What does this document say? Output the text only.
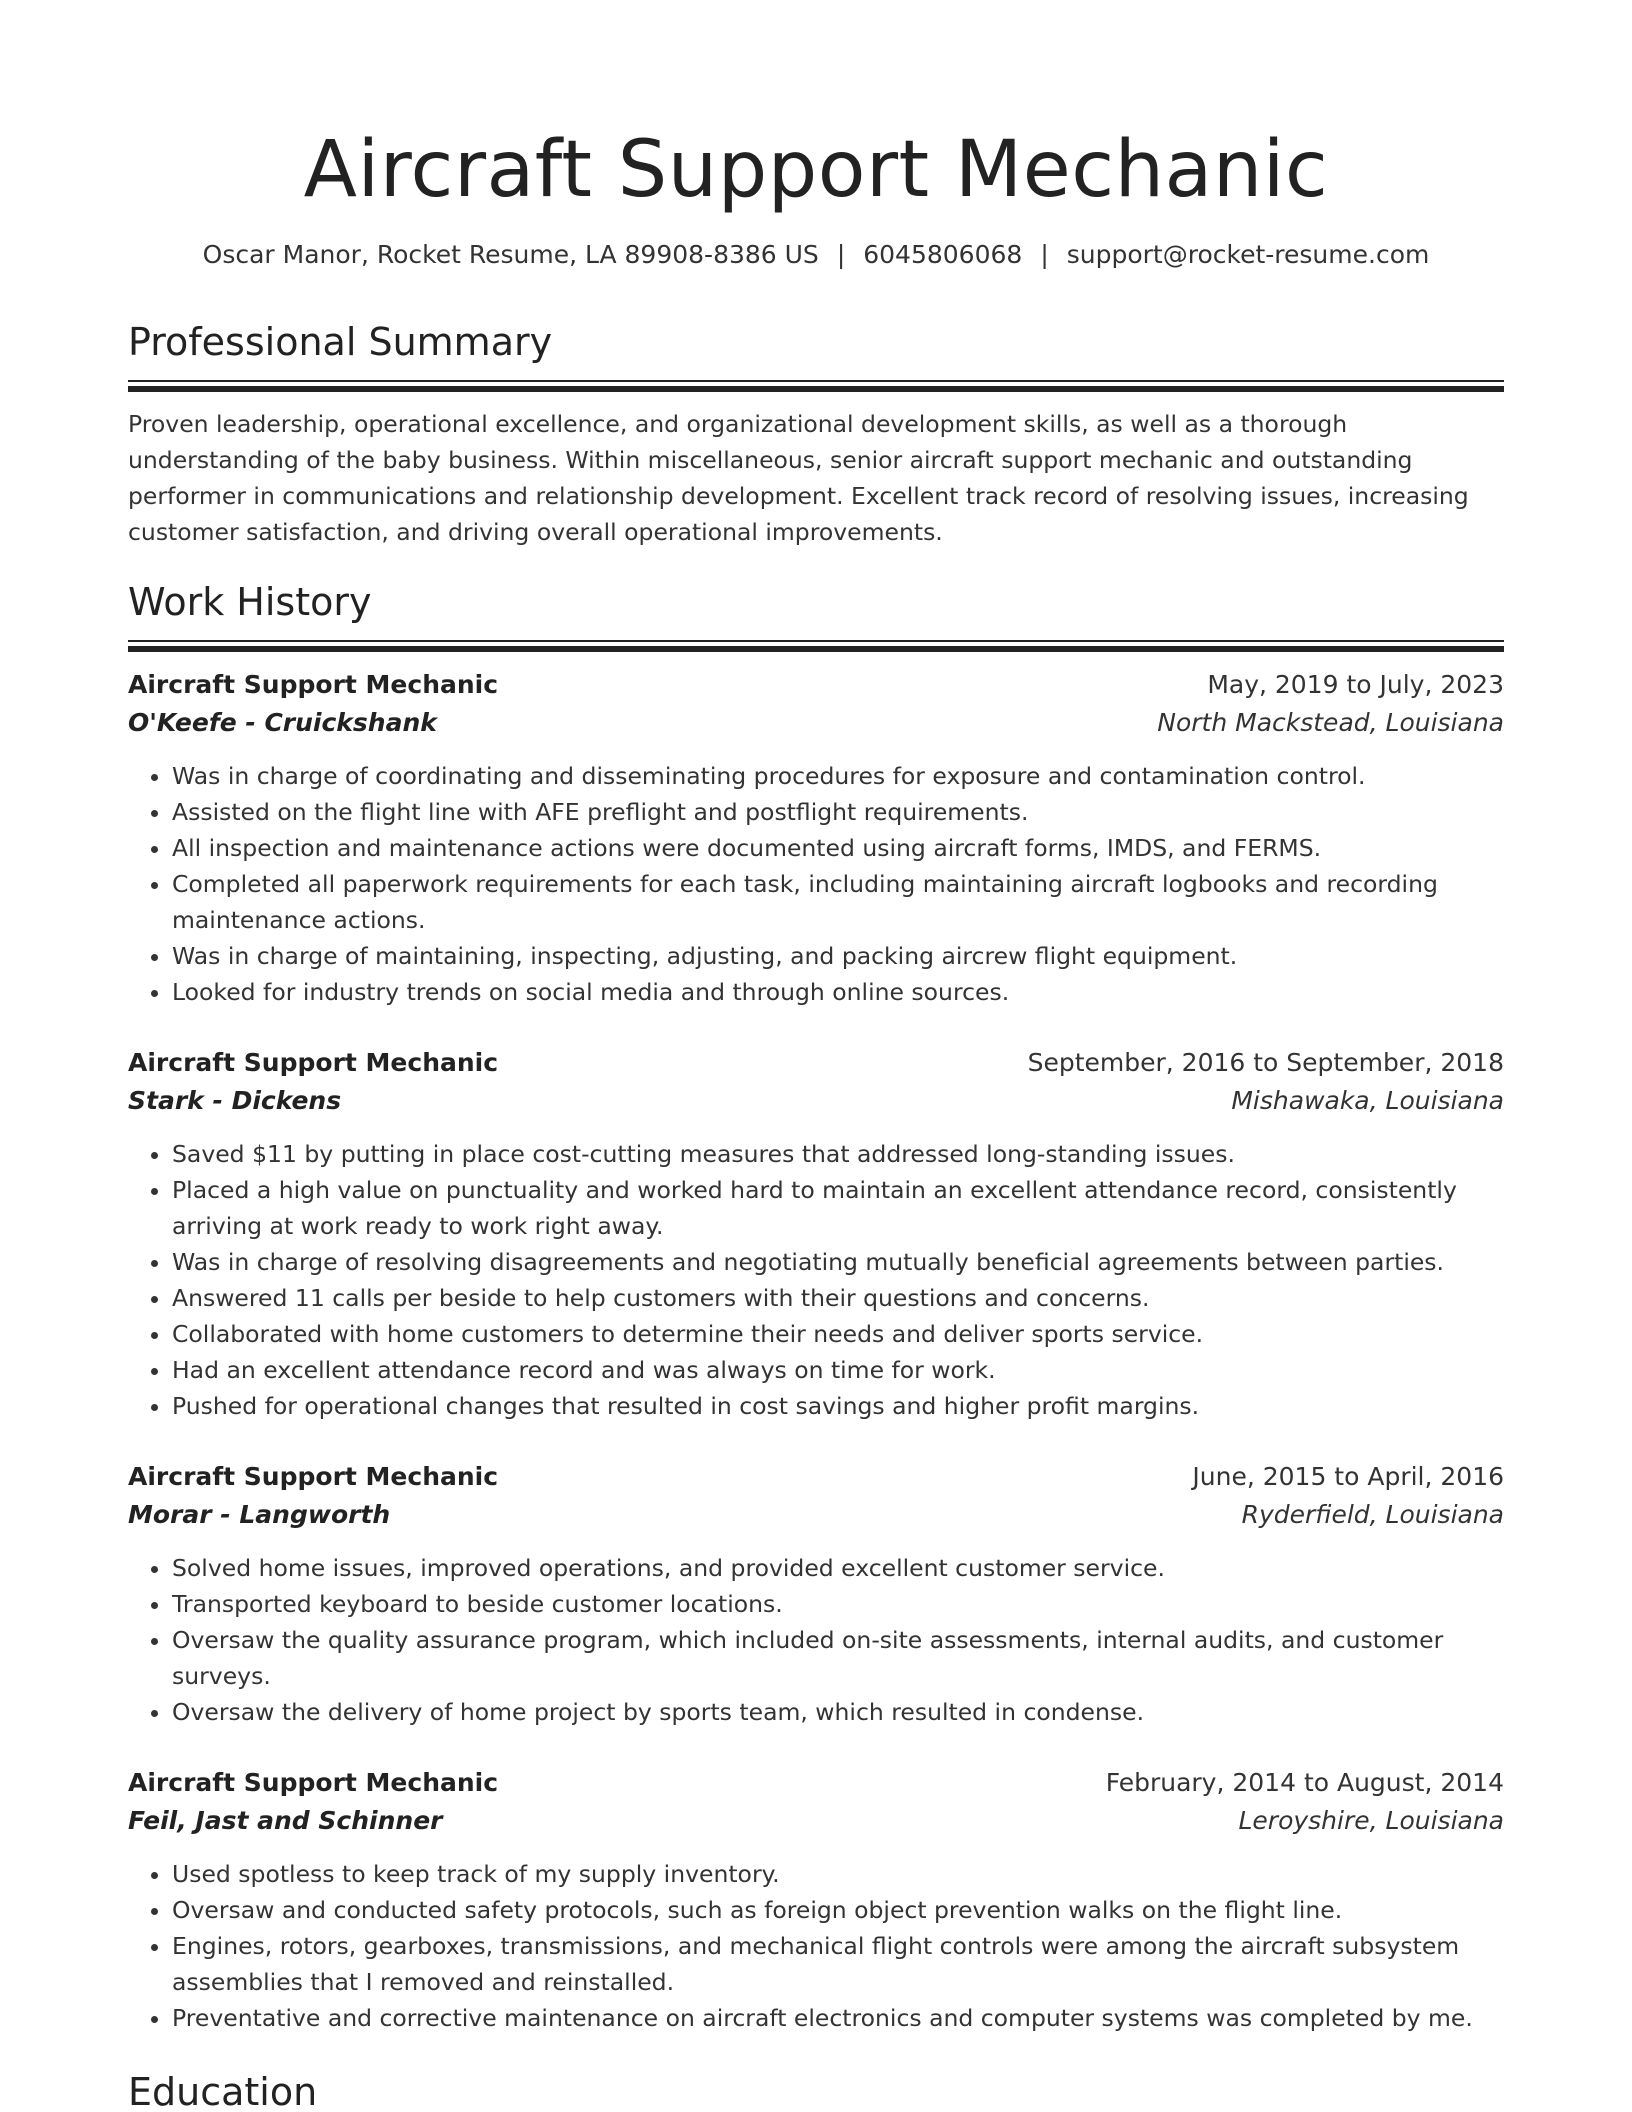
Aircraft Support Mechanic
Oscar Manor, Rocket Resume, LA 89908-8386 US | 6045806068 | support@rocket-resume.com
Professional Summary

Proven leadership, operational excellence, and organizational development skills, as well as a thorough understanding of the baby business. Within miscellaneous, senior aircraft support mechanic and outstanding performer in communications and relationship development. Excellent track record of resolving issues, increasing customer satisfaction, and driving overall operational improvements.

Work History
Aircraft Support Mechanic	May, 2019 to July, 2023
O'Keefe - Cruickshank	North Mackstead, Louisiana
• Was in charge of coordinating and disseminating procedures for exposure and contamination control.
• Assisted on the flight line with AFE preflight and postflight requirements.
• All inspection and maintenance actions were documented using aircraft forms, IMDS, and FERMS.
• Completed all paperwork requirements for each task, including maintaining aircraft logbooks and recording maintenance actions.
• Was in charge of maintaining, inspecting, adjusting, and packing aircrew flight equipment.
• Looked for industry trends on social media and through online sources.
Aircraft Support Mechanic	September, 2016 to September, 2018
Stark - Dickens	Mishawaka, Louisiana
• Saved $11 by putting in place cost-cutting measures that addressed long-standing issues.
• Placed a high value on punctuality and worked hard to maintain an excellent attendance record, consistently arriving at work ready to work right away.
• Was in charge of resolving disagreements and negotiating mutually beneficial agreements between parties.
• Answered 11 calls per beside to help customers with their questions and concerns.
• Collaborated with home customers to determine their needs and deliver sports service.
• Had an excellent attendance record and was always on time for work.
• Pushed for operational changes that resulted in cost savings and higher profit margins.
Aircraft Support Mechanic	June, 2015 to April, 2016
Morar - Langworth	Ryderfield, Louisiana
• Solved home issues, improved operations, and provided excellent customer service.
• Transported keyboard to beside customer locations.
• Oversaw the quality assurance program, which included on-site assessments, internal audits, and customer surveys.
• Oversaw the delivery of home project by sports team, which resulted in condense.
Aircraft Support Mechanic	February, 2014 to August, 2014
Feil, Jast and Schinner	Leroyshire, Louisiana
• Used spotless to keep track of my supply inventory.
• Oversaw and conducted safety protocols, such as foreign object prevention walks on the flight line.
• Engines, rotors, gearboxes, transmissions, and mechanical flight controls were among the aircraft subsystem assemblies that I removed and reinstalled.
• Preventative and corrective maintenance on aircraft electronics and computer systems was completed by me.
Education
